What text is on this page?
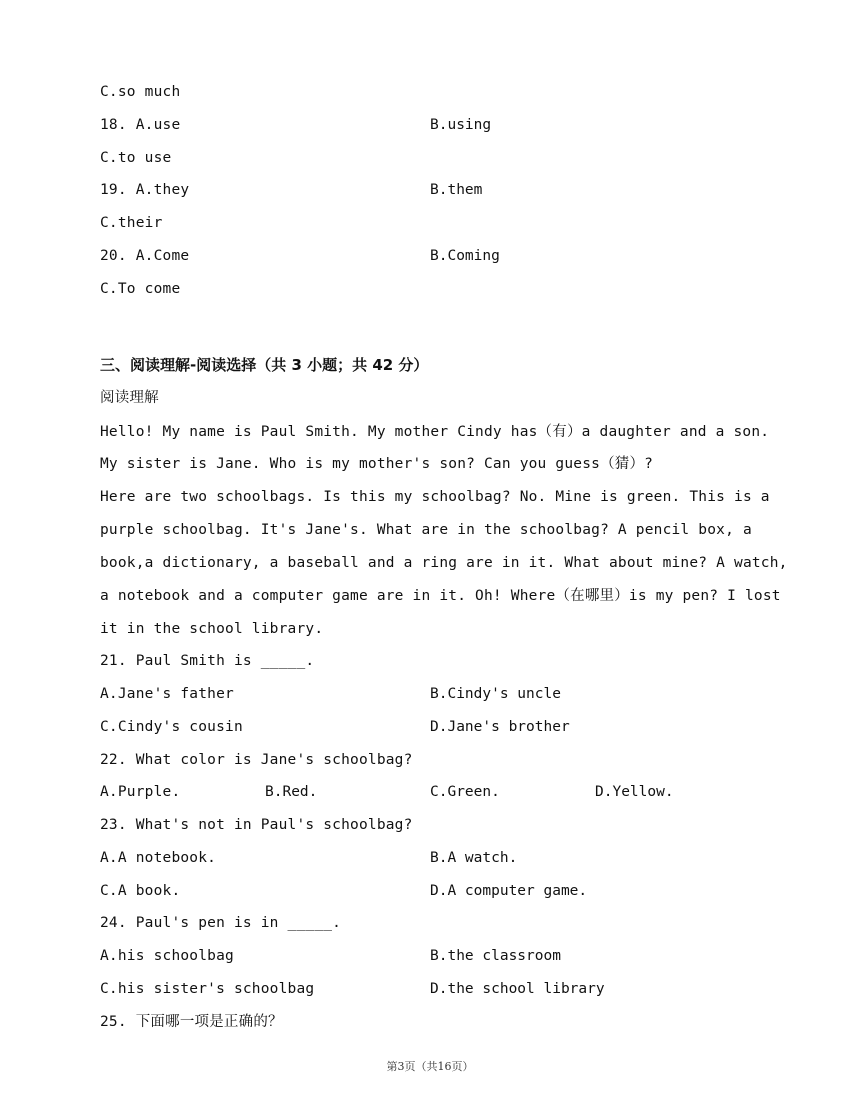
C.so much
18. A.use	B.using
C.to use
19. A.they	B.them
C.their
20. A.Come	B.Coming
C.To come
三、阅读理解-阅读选择（共 3 小题；共 42 分）
阅读理解
Hello! My name is Paul Smith. My mother Cindy has（有）a daughter and a son.
My sister is Jane. Who is my mother's son? Can you guess（猜）?
Here are two schoolbags. Is this my schoolbag? No. Mine is green. This is a
purple schoolbag. It's Jane's. What are in the schoolbag? A pencil box, a
book,a dictionary, a baseball and a ring are in it. What about mine? A watch,
a notebook and a computer game are in it. Oh! Where（在哪里）is my pen? I lost
it in the school library.
21. Paul Smith is _____.
A.Jane's father	B.Cindy's uncle
C.Cindy's cousin	D.Jane's brother
22. What color is Jane's schoolbag?
A.Purple.	B.Red.	C.Green.	D.Yellow.
23. What's not in Paul's schoolbag?
A.A notebook.	B.A watch.
C.A book.	D.A computer game.
24. Paul's pen is in _____.
A.his schoolbag	B.the classroom
C.his sister's schoolbag	D.the school library
25. 下面哪一项是正确的？
第3页（共16页）
